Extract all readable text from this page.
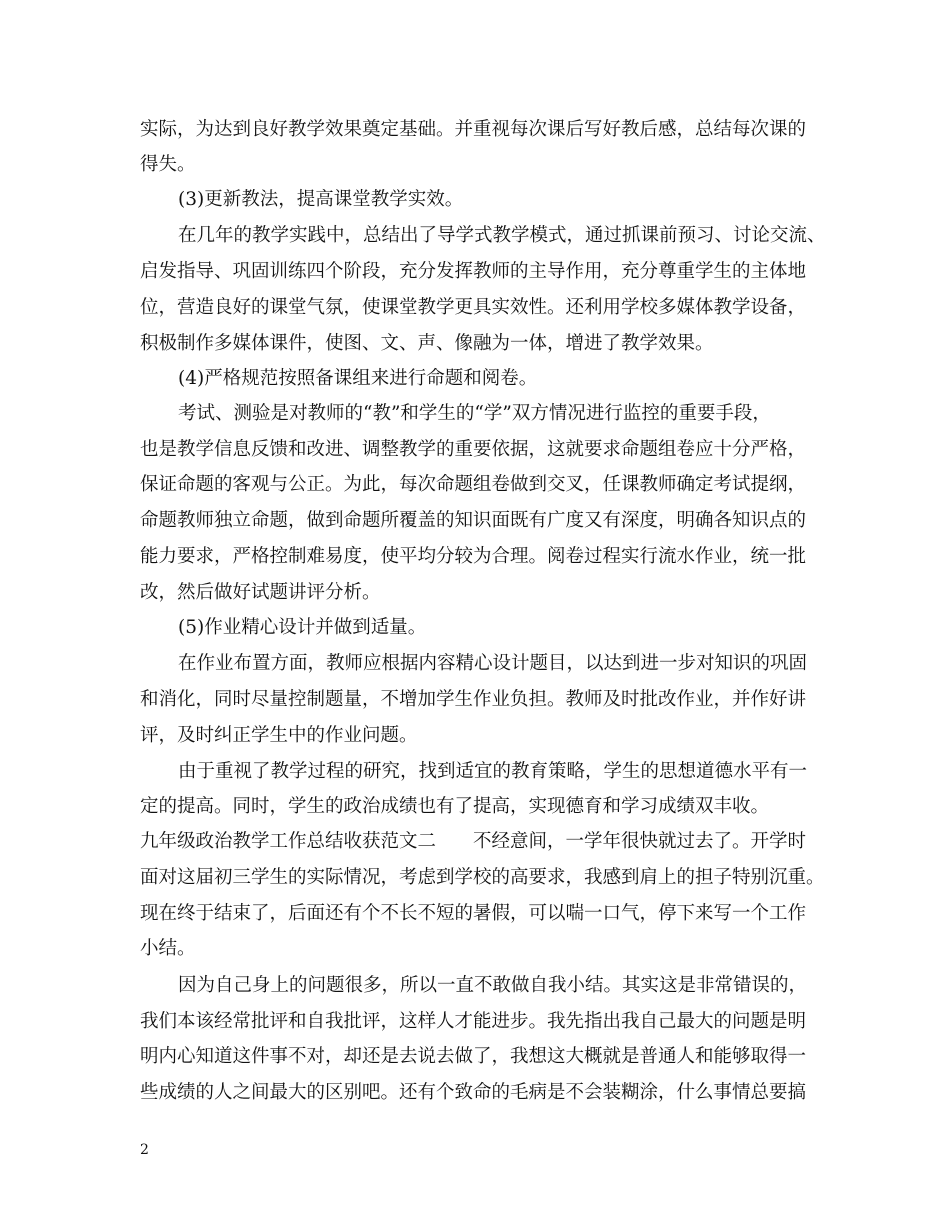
实际，为达到良好教学效果奠定基础。并重视每次课后写好教后感，总结每次课的
得失。
(3)更新教法，提高课堂教学实效。
在几年的教学实践中，总结出了导学式教学模式，通过抓课前预习、讨论交流、
启发指导、巩固训练四个阶段，充分发挥教师的主导作用，充分尊重学生的主体地
位，营造良好的课堂气氛，使课堂教学更具实效性。还利用学校多媒体教学设备，
积极制作多媒体课件，使图、文、声、像融为一体，增进了教学效果。
(4)严格规范按照备课组来进行命题和阅卷。
考试、测验是对教师的“教”和学生的“学”双方情况进行监控的重要手段，
也是教学信息反馈和改进、调整教学的重要依据，这就要求命题组卷应十分严格，
保证命题的客观与公正。为此，每次命题组卷做到交叉，任课教师确定考试提纲，
命题教师独立命题，做到命题所覆盖的知识面既有广度又有深度，明确各知识点的
能力要求，严格控制难易度，使平均分较为合理。阅卷过程实行流水作业，统一批
改，然后做好试题讲评分析。
(5)作业精心设计并做到适量。
在作业布置方面，教师应根据内容精心设计题目，以达到进一步对知识的巩固
和消化，同时尽量控制题量，不增加学生作业负担。教师及时批改作业，并作好讲
评，及时纠正学生中的作业问题。
由于重视了教学过程的研究，找到适宜的教育策略，学生的思想道德水平有一
定的提高。同时，学生的政治成绩也有了提高，实现德育和学习成绩双丰收。
九年级政治教学工作总结收获范文二　　不经意间，一学年很快就过去了。开学时
面对这届初三学生的实际情况，考虑到学校的高要求，我感到肩上的担子特别沉重。
现在终于结束了，后面还有个不长不短的暑假，可以喘一口气，停下来写一个工作
小结。
因为自己身上的问题很多，所以一直不敢做自我小结。其实这是非常错误的，
我们本该经常批评和自我批评，这样人才能进步。我先指出我自己最大的问题是明
明内心知道这件事不对，却还是去说去做了，我想这大概就是普通人和能够取得一
些成绩的人之间最大的区别吧。还有个致命的毛病是不会装糊涂，什么事情总要搞
2
